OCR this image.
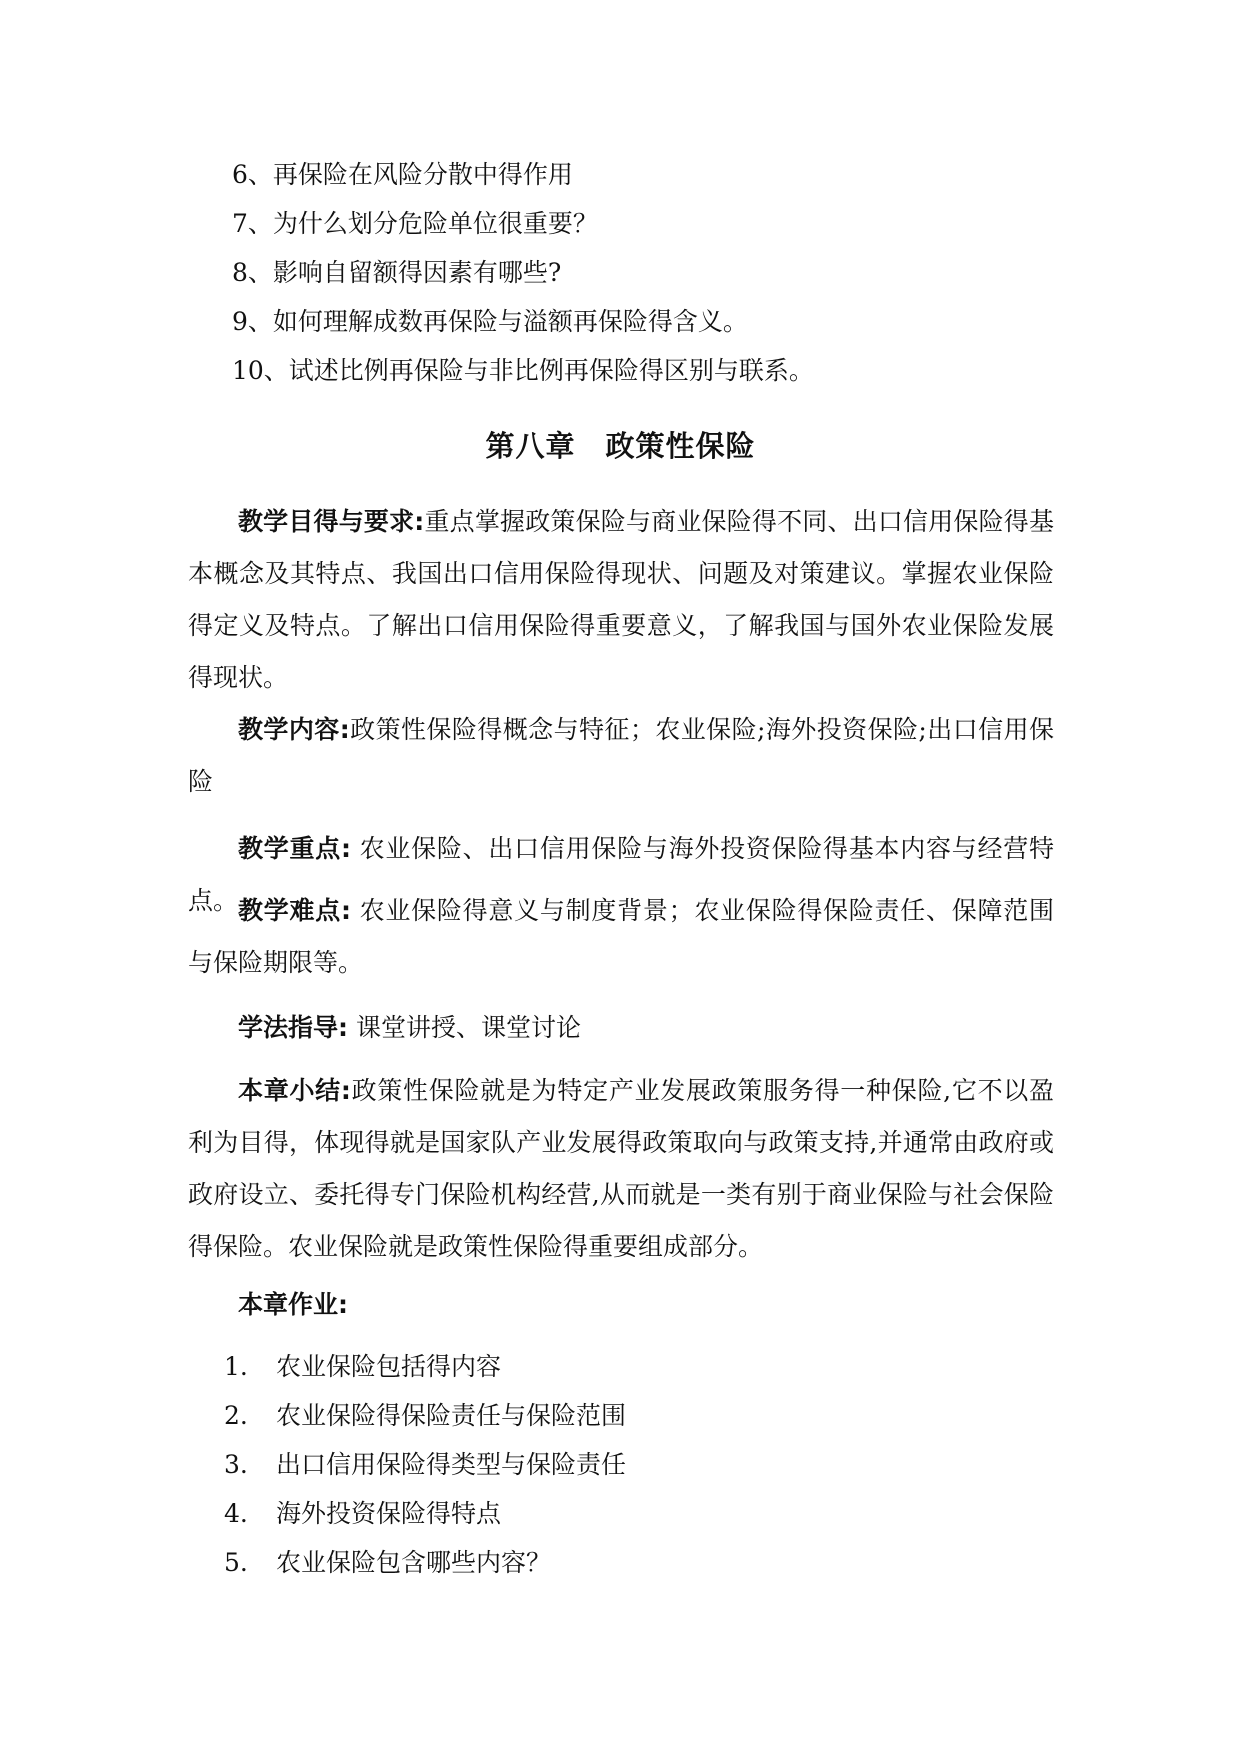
6、再保险在风险分散中得作用
7、为什么划分危险单位很重要？
8、影响自留额得因素有哪些?
9、如何理解成数再保险与溢额再保险得含义。
10、试述比例再保险与非比例再保险得区别与联系。
第八章 政策性保险
教学目得与要求:重点掌握政策保险与商业保险得不同、出口信用保险得基本概念及其特点、我国出口信用保险得现状、问题及对策建议。掌握农业保险得定义及特点。了解出口信用保险得重要意义，了解我国与国外农业保险发展得现状。
教学内容:政策性保险得概念与特征；农业保险;海外投资保险;出口信用保险
教学重点: 农业保险、出口信用保险与海外投资保险得基本内容与经营特点。 教学难点: 农业保险得意义与制度背景；农业保险得保险责任、保障范围与保险期限等。
学法指导: 课堂讲授、课堂讨论
本章小结:政策性保险就是为特定产业发展政策服务得一种保险,它不以盈利为目得，体现得就是国家队产业发展得政策取向与政策支持,并通常由政府或政府设立、委托得专门保险机构经营,从而就是一类有别于商业保险与社会保险得保险。农业保险就是政策性保险得重要组成部分。
本章作业:
1. 农业保险包括得内容
2. 农业保险得保险责任与保险范围
3. 出口信用保险得类型与保险责任
4. 海外投资保险得特点
5. 农业保险包含哪些内容？
